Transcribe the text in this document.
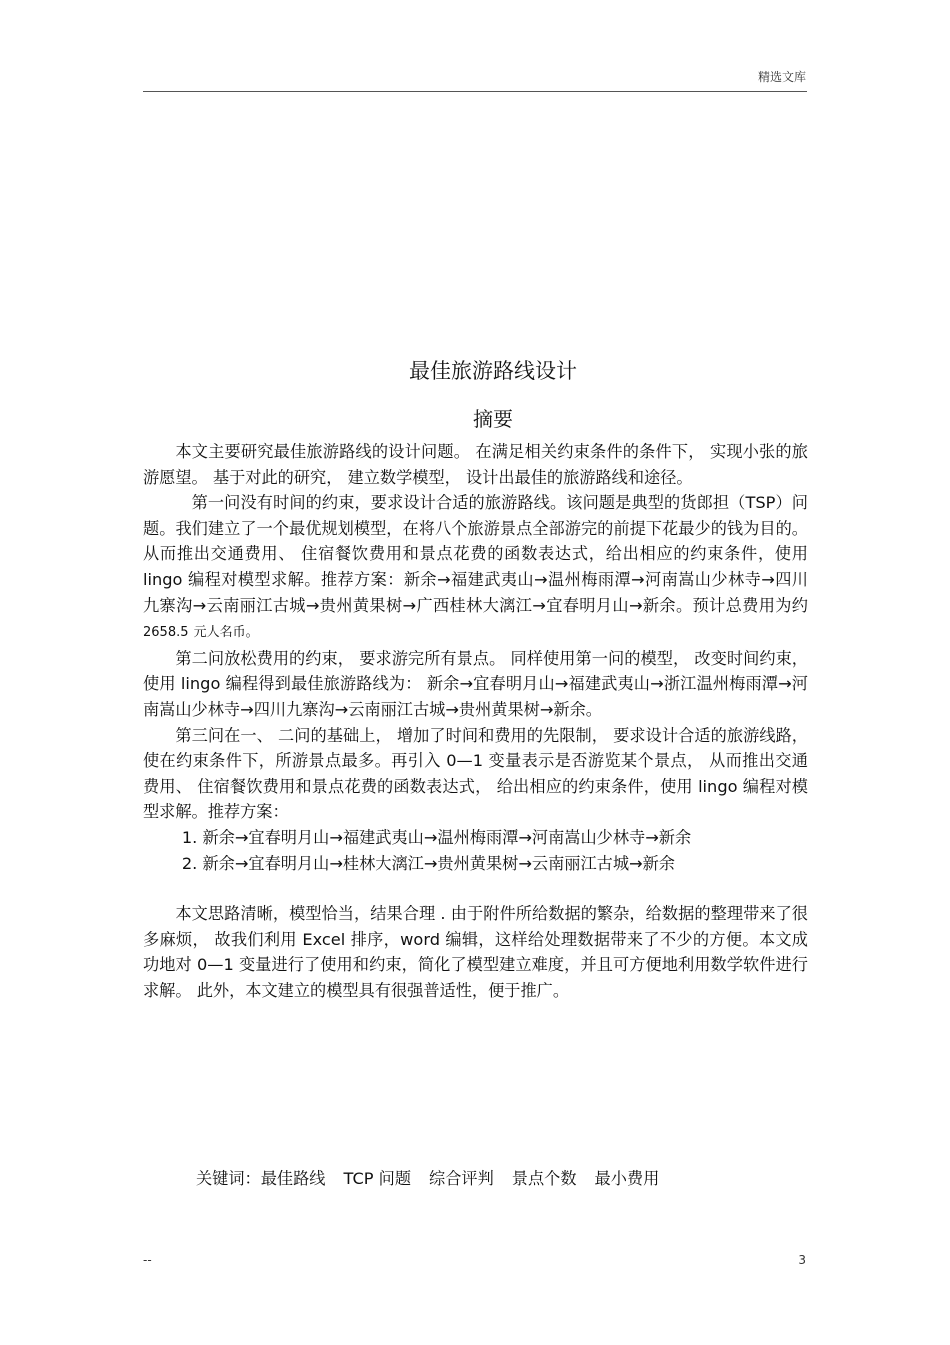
精选文库
最佳旅游路线设计
摘要

本文主要研究最佳旅游路线的设计问题。 在满足相关约束条件的条件下， 实现小张的旅游愿望。 基于对此的研究， 建立数学模型， 设计出最佳的旅游路线和途径。

第一问没有时间的约束，要求设计合适的旅游路线。该问题是典型的货郎担（TSP）问题。我们建立了一个最优规划模型，在将八个旅游景点全部游完的前提下花最少的钱为目的。 从而推出交通费用、 住宿餐饮费用和景点花费的函数表达式，给出相应的约束条件，使用 lingo 编程对模型求解。推荐方案：新余→福建武夷山→温州梅雨潭→河南嵩山少林寺→四川九寨沟→云南丽江古城→贵州黄果树→广西桂林大漓江→宜春明月山→新余。预计总费用为约 2658.5 元人名币。

第二问放松费用的约束， 要求游完所有景点。 同样使用第一问的模型， 改变时间约束， 使用 lingo 编程得到最佳旅游路线为： 新余→宜春明月山→福建武夷山→浙江温州梅雨潭→河南嵩山少林寺→四川九寨沟→云南丽江古城→贵州黄果树→新余。

第三问在一、 二问的基础上， 增加了时间和费用的先限制， 要求设计合适的旅游线路，使在约束条件下，所游景点最多。再引入 0—1 变量表示是否游览某个景点， 从而推出交通费用、 住宿餐饮费用和景点花费的函数表达式， 给出相应的约束条件，使用 lingo 编程对模型求解。推荐方案：

1. 新余→宜春明月山→福建武夷山→温州梅雨潭→河南嵩山少林寺→新余

2. 新余→宜春明月山→桂林大漓江→贵州黄果树→云南丽江古城→新余

本文思路清晰，模型恰当，结果合理 . 由于附件所给数据的繁杂，给数据的整理带来了很多麻烦， 故我们利用 Excel 排序，word 编辑，这样给处理数据带来了不少的方便。本文成功地对 0—1 变量进行了使用和约束，简化了模型建立难度，并且可方便地利用数学软件进行求解。 此外，本文建立的模型具有很强普适性，便于推广。

关键词：最佳路线 TCP 问题 综合评判 景点个数 最小费用
--	3
